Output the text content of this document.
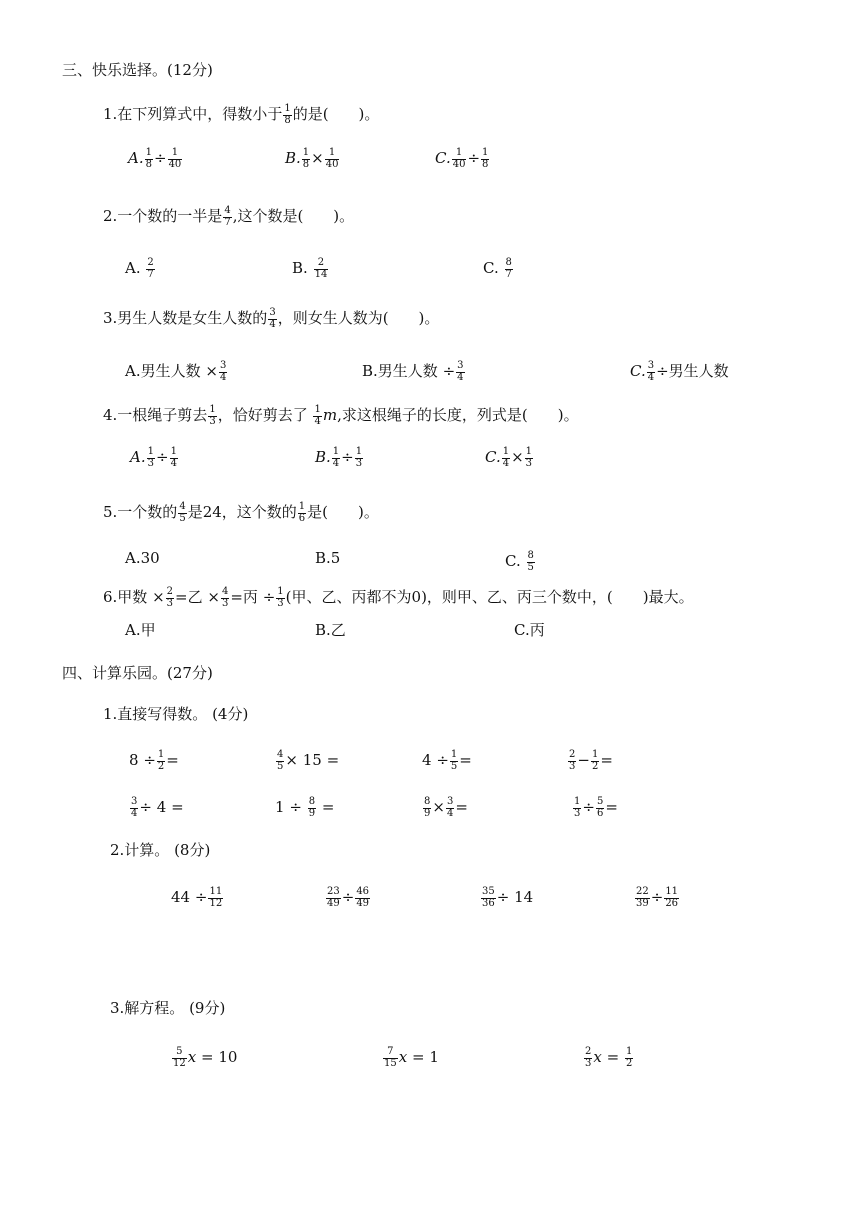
三、快乐选择。(12分)
1.在下列算式中，得数小于 $\frac{1}{8}$ 的是(　　)。
A. $\frac{1}{8} \div \frac{1}{40}$	B. $\frac{1}{8} \times \frac{1}{40}$	C. $\frac{1}{40} \div \frac{1}{8}$
2.一个数的一半是 $\frac{4}{7}$ ,这个数是(　　)。
A. $\frac{2}{7}$	B. $\frac{2}{14}$	C. $\frac{8}{7}$
3.男生人数是女生人数的 $\frac{3}{4}$ ，则女生人数为(　　)。
A.男生人数 × $\frac{3}{4}$	B.男生人数 ÷ $\frac{3}{4}$	C. $\frac{3}{4}$ ÷男生人数
4.一根绳子剪去 $\frac{1}{3}$ ，恰好剪去了 $\frac{1}{4} m$,求这根绳子的长度，列式是(　　)。
A. $\frac{1}{3} \div \frac{1}{4}$	B. $\frac{1}{4} \div \frac{1}{3}$	C. $\frac{1}{4} \times \frac{1}{3}$
5.一个数的 $\frac{4}{5}$ 是24，这个数的 $\frac{1}{6}$ 是(　　)。
A.30	B.5	C. $\frac{8}{5}$
6.甲数 × $\frac{2}{3}$ =乙 × $\frac{4}{3}$ =丙 ÷ $\frac{1}{3}$ (甲、乙、丙都不为0)，则甲、乙、丙三个数中，(　　)最大。
A.甲	B.乙	C.丙
四、计算乐园。(27分)
1.直接写得数。 (4分)
$8 \div \frac{1}{2}$ =	$\frac{4}{5} \times 15$ =	$4 \div \frac{1}{5}$ =	$\frac{2}{3} - \frac{1}{2}$ =
$\frac{3}{4} \div 4$ =	$1 \div \frac{8}{9}$ =	$\frac{8}{9} \times \frac{3}{4}$ =	$\frac{1}{3} \div \frac{5}{6}$ =
2.计算。 (8分)
$44 \div \frac{11}{12}$	$\frac{23}{49} \div \frac{46}{49}$	$\frac{35}{36} \div 14$	$\frac{22}{39} \div \frac{11}{26}$
3.解方程。 (9分)
$\frac{5}{12}$ x = 10	$\frac{7}{15}$ x = 1	$\frac{2}{3}$ $x = \frac{1}{2}$
